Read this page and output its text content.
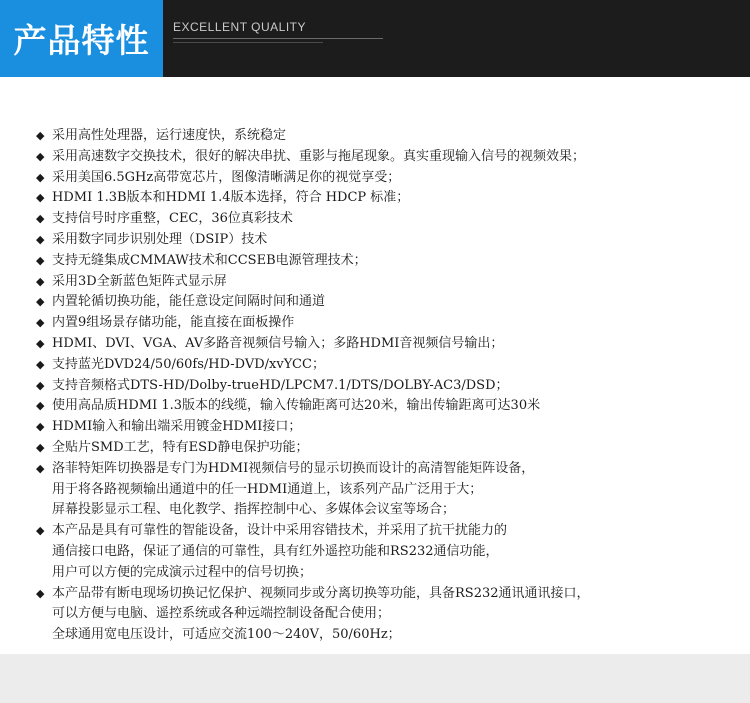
产品特性 EXCELLENT QUALITY
◆ 采用高性处理器，运行速度快，系统稳定
◆ 采用高速数字交换技术，很好的解决串扰、重影与拖尾现象。真实重现输入信号的视频效果；
◆ 采用美国6.5GHz高带宽芯片，图像清晰满足你的视觉享受；
◆ HDMI 1.3B版本和HDMI 1.4版本选择，符合 HDCP 标准；
◆ 支持信号时序重整，CEC，36位真彩技术
◆ 采用数字同步识别处理（DSIP）技术
◆ 支持无缝集成CMMAW技术和CCSEB电源管理技术；
◆ 采用3D全新蓝色矩阵式显示屏
◆ 内置轮循切换功能，能任意设定间隔时间和通道
◆ 内置9组场景存储功能，能直接在面板操作
◆ HDMI、DVI、VGA、AV多路音视频信号输入；多路HDMI音视频信号输出；
◆ 支持蓝光DVD24/50/60fs/HD-DVD/xvYCC；
◆ 支持音频格式DTS-HD/Dolby-trueHD/LPCM7.1/DTS/DOLBY-AC3/DSD；
◆ 使用高品质HDMI 1.3版本的线缆，输入传输距离可达20米，输出传输距离可达30米
◆ HDMI输入和输出端采用镀金HDMI接口；
◆ 全贴片SMD工艺，特有ESD静电保护功能；
◆ 洛菲特矩阵切换器是专门为HDMI视频信号的显示切换而设计的高清智能矩阵设备，
用于将各路视频输出通道中的任一HDMI通道上，该系列产品广泛用于大；
屏幕投影显示工程、电化教学、指挥控制中心、多媒体会议室等场合；
◆ 本产品是具有可靠性的智能设备，设计中采用容错技术，并采用了抗干扰能力的
通信接口电路，保证了通信的可靠性，具有红外遥控功能和RS232通信功能，
用户可以方便的完成演示过程中的信号切换；
◆ 本产品带有断电现场切换记忆保护、视频同步或分离切换等功能，具备RS232通讯通讯接口，
可以方便与电脑、遥控系统或各种远端控制设备配合使用；
全球通用宽电压设计，可适应交流100～240V，50/60Hz；
